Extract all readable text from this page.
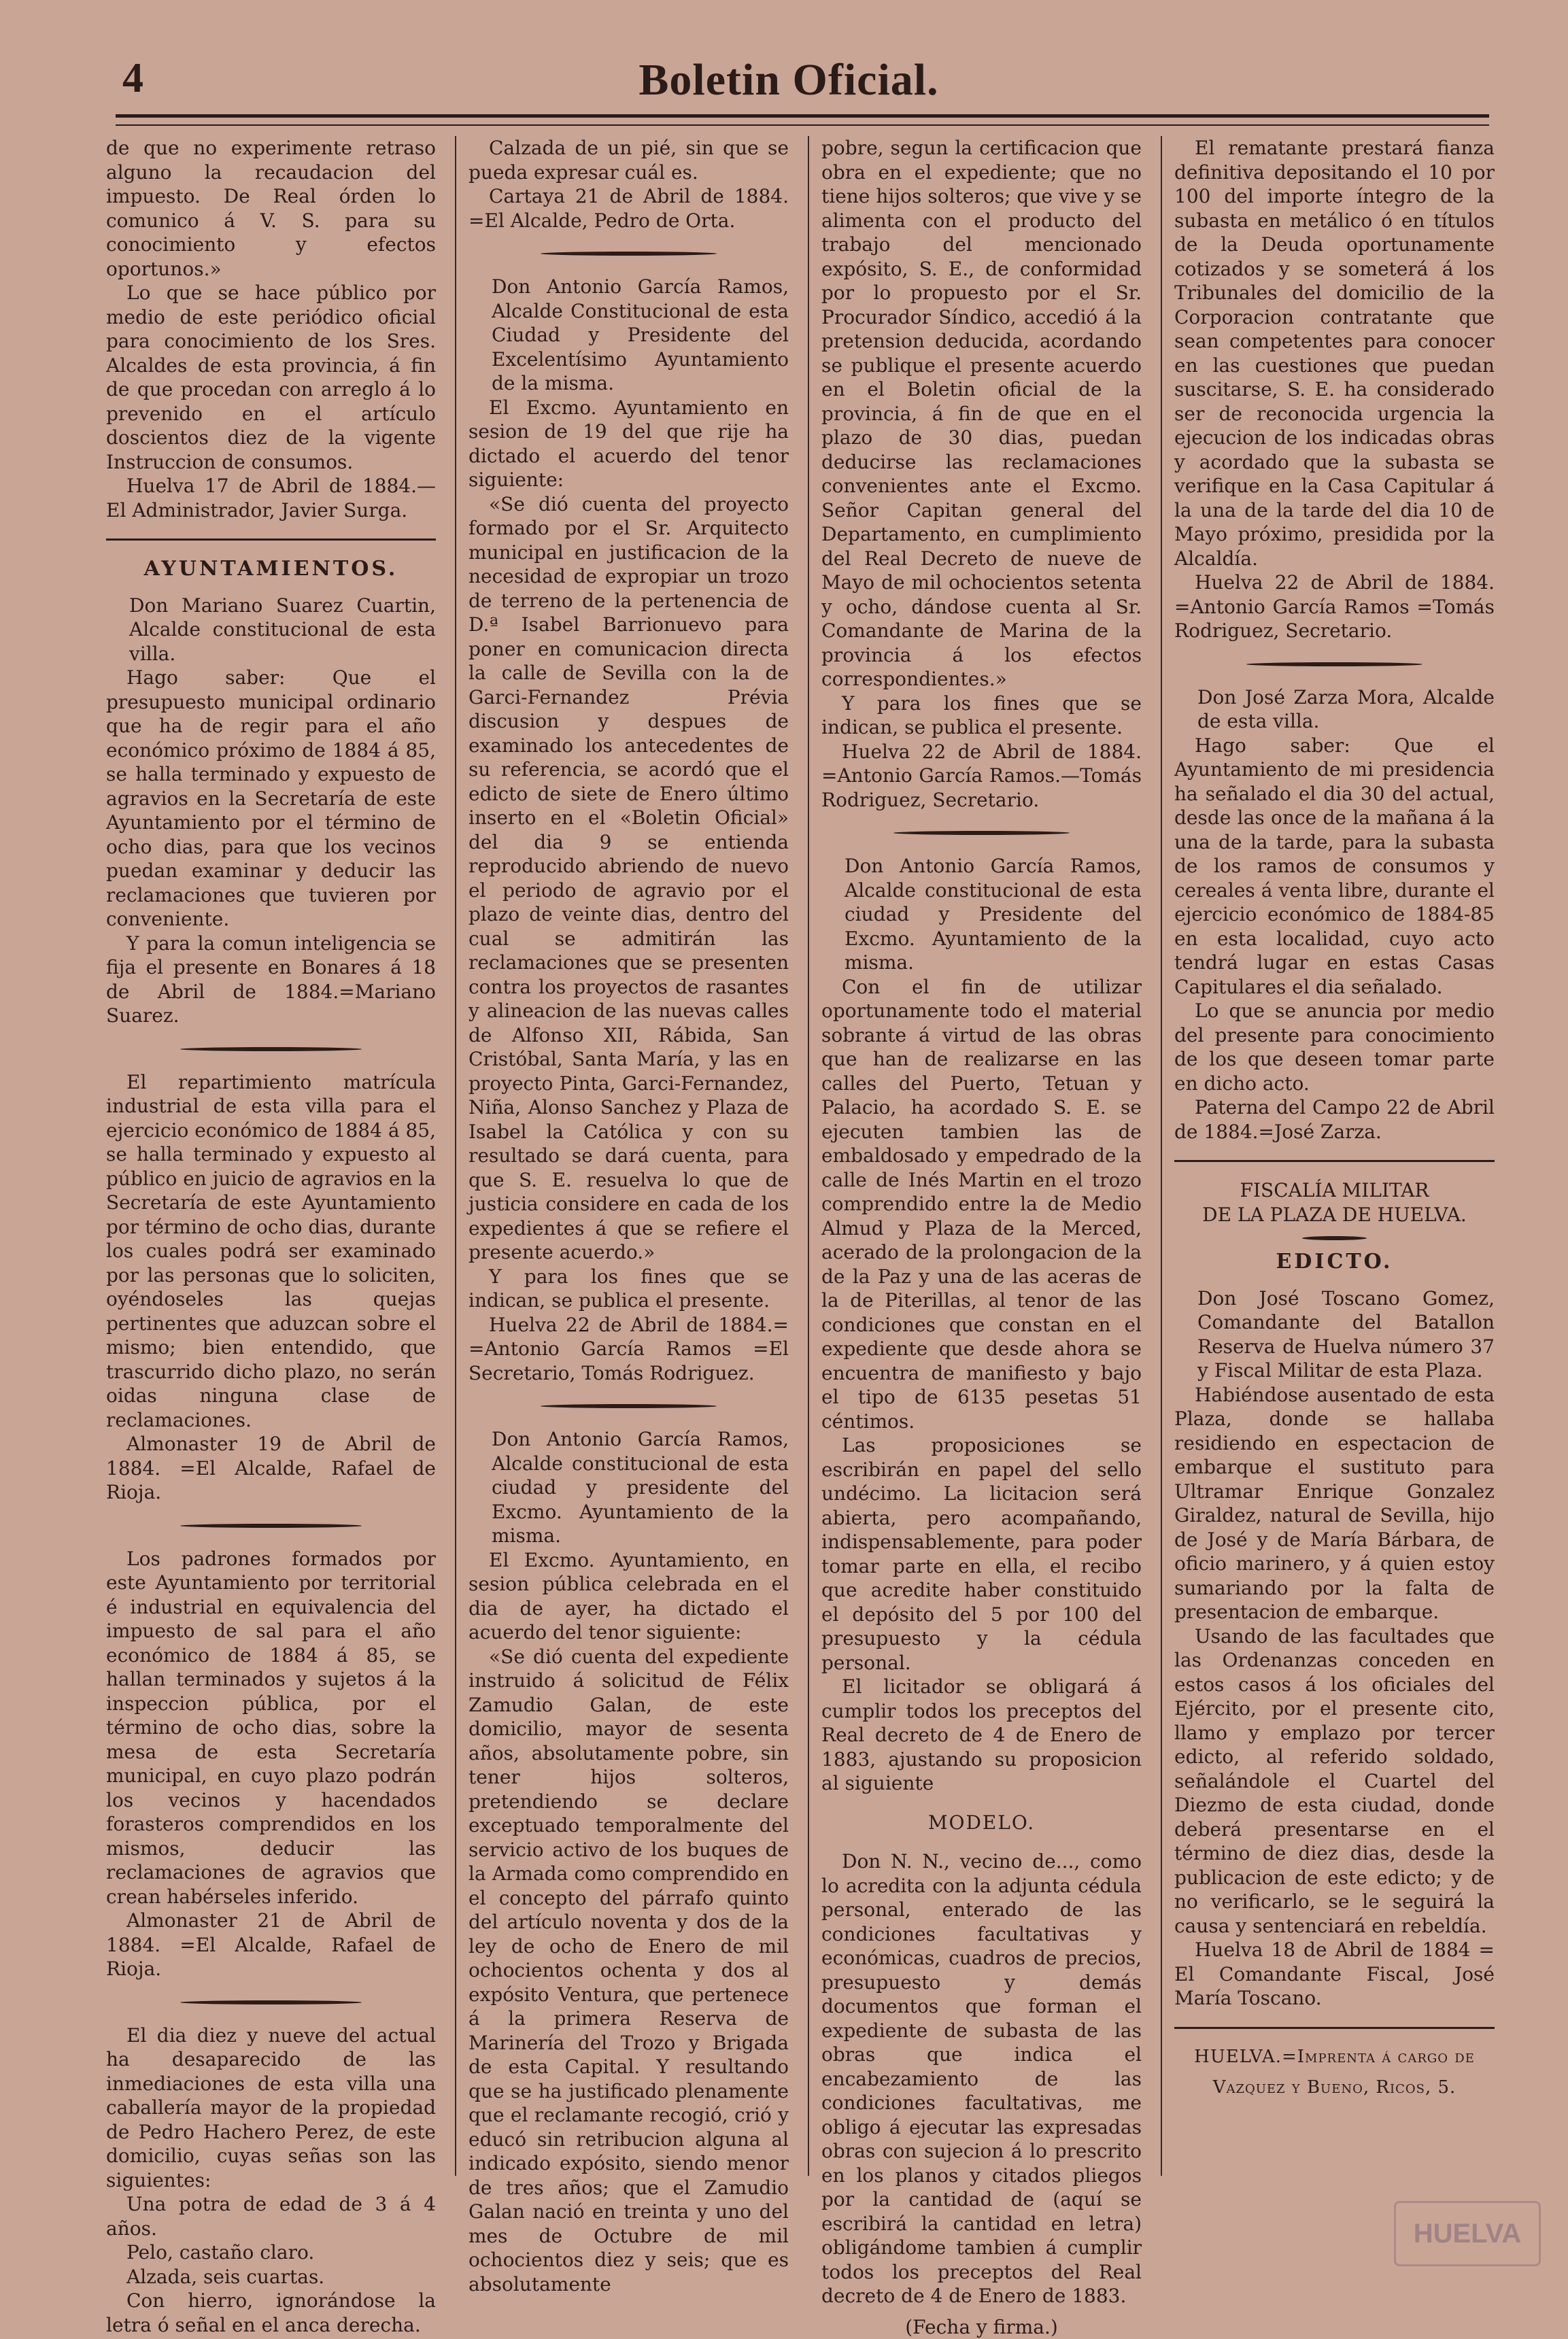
4	Boletin Oficial.

de que no experimente retraso alguno la recaudacion del impuesto. De Real órden lo comunico á V. S. para su conocimiento y efectos oportunos.»

Lo que se hace público por medio de este periódico oficial para conocimiento de los Sres. Alcaldes de esta provincia, á fin de que procedan con arreglo á lo prevenido en el artículo doscientos diez de la vigente Instruccion de consumos.

Huelva 17 de Abril de 1884.— El Administrador, Javier Surga.

AYUNTAMIENTOS.

Don Mariano Suarez Cuartin, Alcalde constitucional de esta villa.

Hago saber: Que el presupuesto municipal ordinario que ha de regir para el año económico próximo de 1884 á 85, se halla terminado y expuesto de agravios en la Secretaría de este Ayuntamiento por el término de ocho dias, para que los vecinos puedan examinar y deducir las reclamaciones que tuvieren por conveniente.

Y para la comun inteligencia se fija el presente en Bonares á 18 de Abril de 1884.=Mariano Suarez.

El repartimiento matrícula industrial de esta villa para el ejercicio económico de 1884 á 85, se halla terminado y expuesto al público en juicio de agravios en la Secretaría de este Ayuntamiento por término de ocho dias, durante los cuales podrá ser examinado por las personas que lo soliciten, oyéndoseles las quejas pertinentes que aduzcan sobre el mismo; bien entendido, que trascurrido dicho plazo, no serán oidas ninguna clase de reclamaciones.

Almonaster 19 de Abril de 1884. =El Alcalde, Rafael de Rioja.

Los padrones formados por este Ayuntamiento por territorial é industrial en equivalencia del impuesto de sal para el año económico de 1884 á 85, se hallan terminados y sujetos á la inspeccion pública, por el término de ocho dias, sobre la mesa de esta Secretaría municipal, en cuyo plazo podrán los vecinos y hacendados forasteros comprendidos en los mismos, deducir las reclamaciones de agravios que crean habérseles inferido.

Almonaster 21 de Abril de 1884. =El Alcalde, Rafael de Rioja.

El dia diez y nueve del actual ha desaparecido de las inmediaciones de esta villa una caballería mayor de la propiedad de Pedro Hachero Perez, de este domicilio, cuyas señas son las siguientes:

Una potra de edad de 3 á 4 años.

Pelo, castaño claro.

Alzada, seis cuartas.

Con hierro, ignorándose la letra ó señal en el anca derecha.

Calzada de un pié, sin que se pueda expresar cuál es.

Cartaya 21 de Abril de 1884. =El Alcalde, Pedro de Orta.

Don Antonio García Ramos, Alcalde Constitucional de esta Ciudad y Presidente del Excelentísimo Ayuntamiento de la misma.

El Excmo. Ayuntamiento en sesion de 19 del que rije ha dictado el acuerdo del tenor siguiente:

«Se dió cuenta del proyecto formado por el Sr. Arquitecto municipal en justificacion de la necesidad de expropiar un trozo de terreno de la pertenencia de D.ª Isabel Barrionuevo para poner en comunicacion directa la calle de Sevilla con la de Garci-Fernandez Prévia discusion y despues de examinado los antecedentes de su referencia, se acordó que el edicto de siete de Enero último inserto en el «Boletin Oficial» del dia 9 se entienda reproducido abriendo de nuevo el periodo de agravio por el plazo de veinte dias, dentro del cual se admitirán las reclamaciones que se presenten contra los proyectos de rasantes y alineacion de las nuevas calles de Alfonso XII, Rábida, San Cristóbal, Santa María, y las en proyecto Pinta, Garci-Fernandez, Niña, Alonso Sanchez y Plaza de Isabel la Católica y con su resultado se dará cuenta, para que S. E. resuelva lo que de justicia considere en cada de los expedientes á que se refiere el presente acuerdo.»

Y para los fines que se indican, se publica el presente.

Huelva 22 de Abril de 1884.= =Antonio García Ramos =El Secretario, Tomás Rodriguez.

Don Antonio García Ramos, Alcalde constitucional de esta ciudad y presidente del Excmo. Ayuntamiento de la misma.

El Excmo. Ayuntamiento, en sesion pública celebrada en el dia de ayer, ha dictado el acuerdo del tenor siguiente:

«Se dió cuenta del expediente instruido á solicitud de Félix Zamudio Galan, de este domicilio, mayor de sesenta años, absolutamente pobre, sin tener hijos solteros, pretendiendo se declare exceptuado temporalmente del servicio activo de los buques de la Armada como comprendido en el concepto del párrafo quinto del artículo noventa y dos de la ley de ocho de Enero de mil ochocientos ochenta y dos al expósito Ventura, que pertenece á la primera Reserva de Marinería del Trozo y Brigada de esta Capital. Y resultando que se ha justificado plenamente que el reclamante recogió, crió y educó sin retribucion alguna al indicado expósito, siendo menor de tres años; que el Zamudio Galan nació en treinta y uno del mes de Octubre de mil ochocientos diez y seis; que es absolutamente

pobre, segun la certificacion que obra en el expediente; que no tiene hijos solteros; que vive y se alimenta con el producto del trabajo del mencionado expósito, S. E., de conformidad por lo propuesto por el Sr. Procurador Síndico, accedió á la pretension deducida, acordando se publique el presente acuerdo en el Boletin oficial de la provincia, á fin de que en el plazo de 30 dias, puedan deducirse las reclamaciones convenientes ante el Excmo. Señor Capitan general del Departamento, en cumplimiento del Real Decreto de nueve de Mayo de mil ochocientos setenta y ocho, dándose cuenta al Sr. Comandante de Marina de la provincia á los efectos correspondientes.»

Y para los fines que se indican, se publica el presente.

Huelva 22 de Abril de 1884. =Antonio García Ramos.—Tomás Rodriguez, Secretario.

Don Antonio García Ramos, Alcalde constitucional de esta ciudad y Presidente del Excmo. Ayuntamiento de la misma.

Con el fin de utilizar oportunamente todo el material sobrante á virtud de las obras que han de realizarse en las calles del Puerto, Tetuan y Palacio, ha acordado S. E. se ejecuten tambien las de embaldosado y empedrado de la calle de Inés Martin en el trozo comprendido entre la de Medio Almud y Plaza de la Merced, acerado de la prolongacion de la de la Paz y una de las aceras de la de Piterillas, al tenor de las condiciones que constan en el expediente que desde ahora se encuentra de manifiesto y bajo el tipo de 6135 pesetas 51 céntimos.

Las proposiciones se escribirán en papel del sello undécimo. La licitacion será abierta, pero acompañando, indispensablemente, para poder tomar parte en ella, el recibo que acredite haber constituido el depósito del 5 por 100 del presupuesto y la cédula personal.

El licitador se obligará á cumplir todos los preceptos del Real decreto de 4 de Enero de 1883, ajustando su proposicion al siguiente

MODELO.

Don N. N., vecino de..., como lo acredita con la adjunta cédula personal, enterado de las condiciones facultativas y económicas, cuadros de precios, presupuesto y demás documentos que forman el expediente de subasta de las obras que indica el encabezamiento de las condiciones facultativas, me obligo á ejecutar las expresadas obras con sujecion á lo prescrito en los planos y citados pliegos por la cantidad de (aquí se escribirá la cantidad en letra) obligándome tambien á cumplir todos los preceptos del Real decreto de 4 de Enero de 1883.

(Fecha y firma.)

El rematante prestará fianza definitiva depositando el 10 por 100 del importe íntegro de la subasta en metálico ó en títulos de la Deuda oportunamente cotizados y se someterá á los Tribunales del domicilio de la Corporacion contratante que sean competentes para conocer en las cuestiones que puedan suscitarse, S. E. ha considerado ser de reconocida urgencia la ejecucion de los indicadas obras y acordado que la subasta se verifique en la Casa Capitular á la una de la tarde del dia 10 de Mayo próximo, presidida por la Alcaldía.

Huelva 22 de Abril de 1884. =Antonio García Ramos =Tomás Rodriguez, Secretario.

Don José Zarza Mora, Alcalde de esta villa.

Hago saber: Que el Ayuntamiento de mi presidencia ha señalado el dia 30 del actual, desde las once de la mañana á la una de la tarde, para la subasta de los ramos de consumos y cereales á venta libre, durante el ejercicio económico de 1884-85 en esta localidad, cuyo acto tendrá lugar en estas Casas Capitulares el dia señalado.

Lo que se anuncia por medio del presente para conocimiento de los que deseen tomar parte en dicho acto.

Paterna del Campo 22 de Abril de 1884.=José Zarza.

FISCALÍA MILITAR
DE LA PLAZA DE HUELVA.
EDICTO.

Don José Toscano Gomez, Comandante del Batallon Reserva de Huelva número 37 y Fiscal Militar de esta Plaza.

Habiéndose ausentado de esta Plaza, donde se hallaba residiendo en espectacion de embarque el sustituto para Ultramar Enrique Gonzalez Giraldez, natural de Sevilla, hijo de José y de María Bárbara, de oficio marinero, y á quien estoy sumariando por la falta de presentacion de embarque.

Usando de las facultades que las Ordenanzas conceden en estos casos á los oficiales del Ejército, por el presente cito, llamo y emplazo por tercer edicto, al referido soldado, señalándole el Cuartel del Diezmo de esta ciudad, donde deberá presentarse en el término de diez dias, desde la publicacion de este edicto; y de no verificarlo, se le seguirá la causa y sentenciará en rebeldía.

Huelva 18 de Abril de 1884 = El Comandante Fiscal, José María Toscano.

HUELVA.=Imprenta á cargo de
Vazquez y Bueno, Ricos, 5.
HUELVA
